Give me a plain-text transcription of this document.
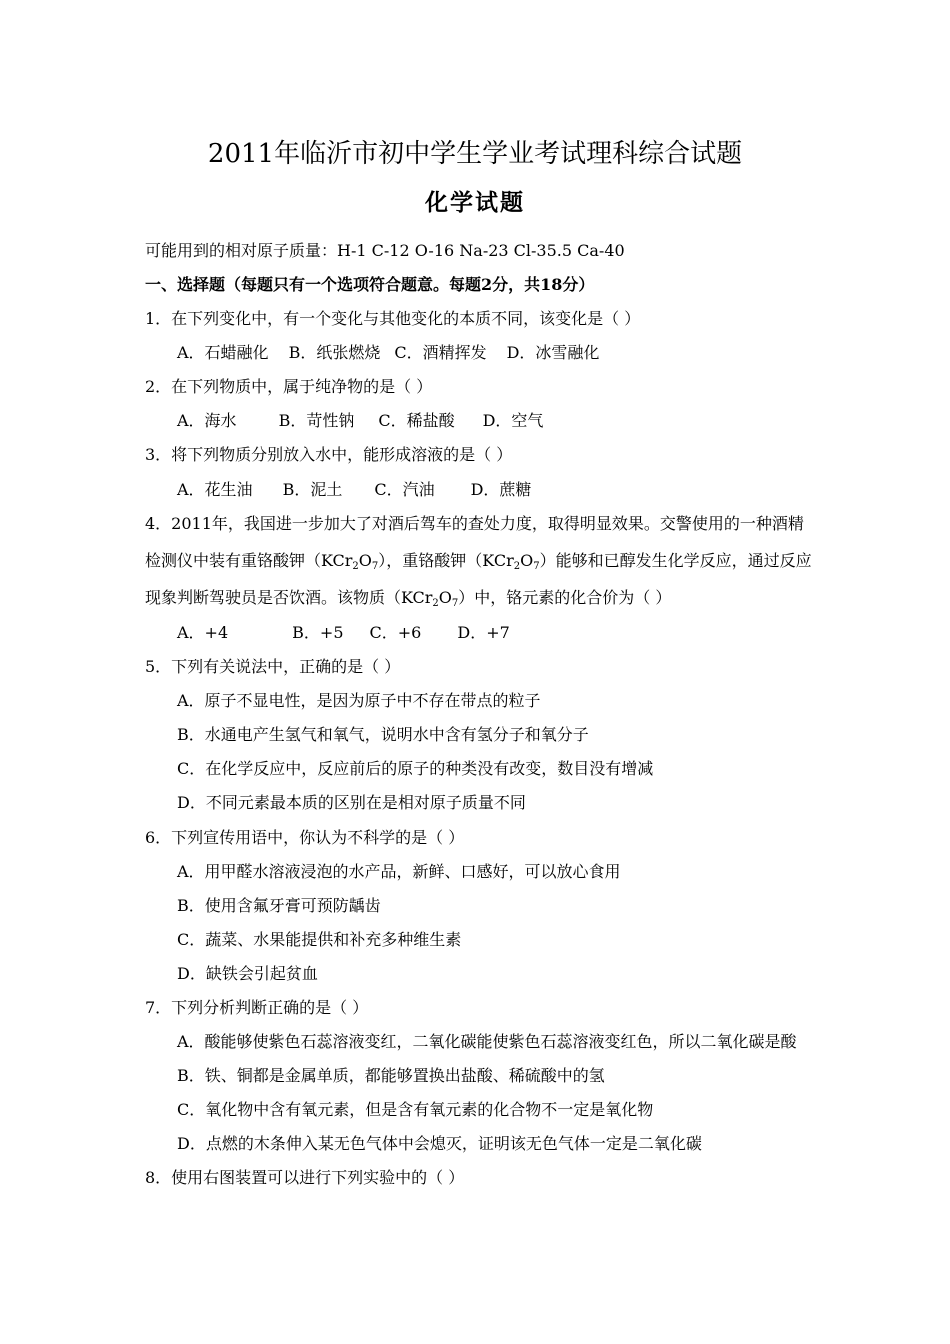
2011年临沂市初中学生学业考试理科综合试题
化学试题
可能用到的相对原子质量：H-1 C-12 O-16 Na-23 Cl-35.5 Ca-40
一、选择题（每题只有一个选项符合题意。每题2分，共18分）
1．在下列变化中，有一个变化与其他变化的本质不同，该变化是（ ）
A．石蜡融化 B．纸张燃烧 C．酒精挥发 D．冰雪融化
2．在下列物质中，属于纯净物的是（ ）
A．海水	B．苛性钠 C．稀盐酸 D．空气
3．将下列物质分别放入水中，能形成溶液的是（ ）
A．花生油 B．泥土 C．汽油 D．蔗糖
4．2011年，我国进一步加大了对酒后驾车的查处力度，取得明显效果。交警使用的一种酒精
检测仪中装有重铬酸钾$(KCr_2O_7)$，重铬酸钾$(KCr_2O_7)$能够和已醇发生化学反应，通过反应
现象判断驾驶员是否饮酒。该物质$(KCr_2O_7)$中，铬元素的化合价为（ ）
A．+4	B．+5 C．+6 D．+7
5．下列有关说法中，正确的是（ ）
A．原子不显电性，是因为原子中不存在带点的粒子
B．水通电产生氢气和氧气，说明水中含有氢分子和氧分子
C．在化学反应中，反应前后的原子的种类没有改变，数目没有增减
D．不同元素最本质的区别在是相对原子质量不同
6．下列宣传用语中，你认为不科学的是（ ）
A．用甲醛水溶液浸泡的水产品，新鲜、口感好，可以放心食用
B．使用含氟牙膏可预防龋齿
C．蔬菜、水果能提供和补充多种维生素
D．缺铁会引起贫血
7．下列分析判断正确的是（ ）
A．酸能够使紫色石蕊溶液变红，二氧化碳能使紫色石蕊溶液变红色，所以二氧化碳是酸
B．铁、铜都是金属单质，都能够置换出盐酸、稀硫酸中的氢
C．氧化物中含有氧元素，但是含有氧元素的化合物不一定是氧化物
D．点燃的木条伸入某无色气体中会熄灭，证明该无色气体一定是二氧化碳
8．使用右图装置可以进行下列实验中的（ ）
